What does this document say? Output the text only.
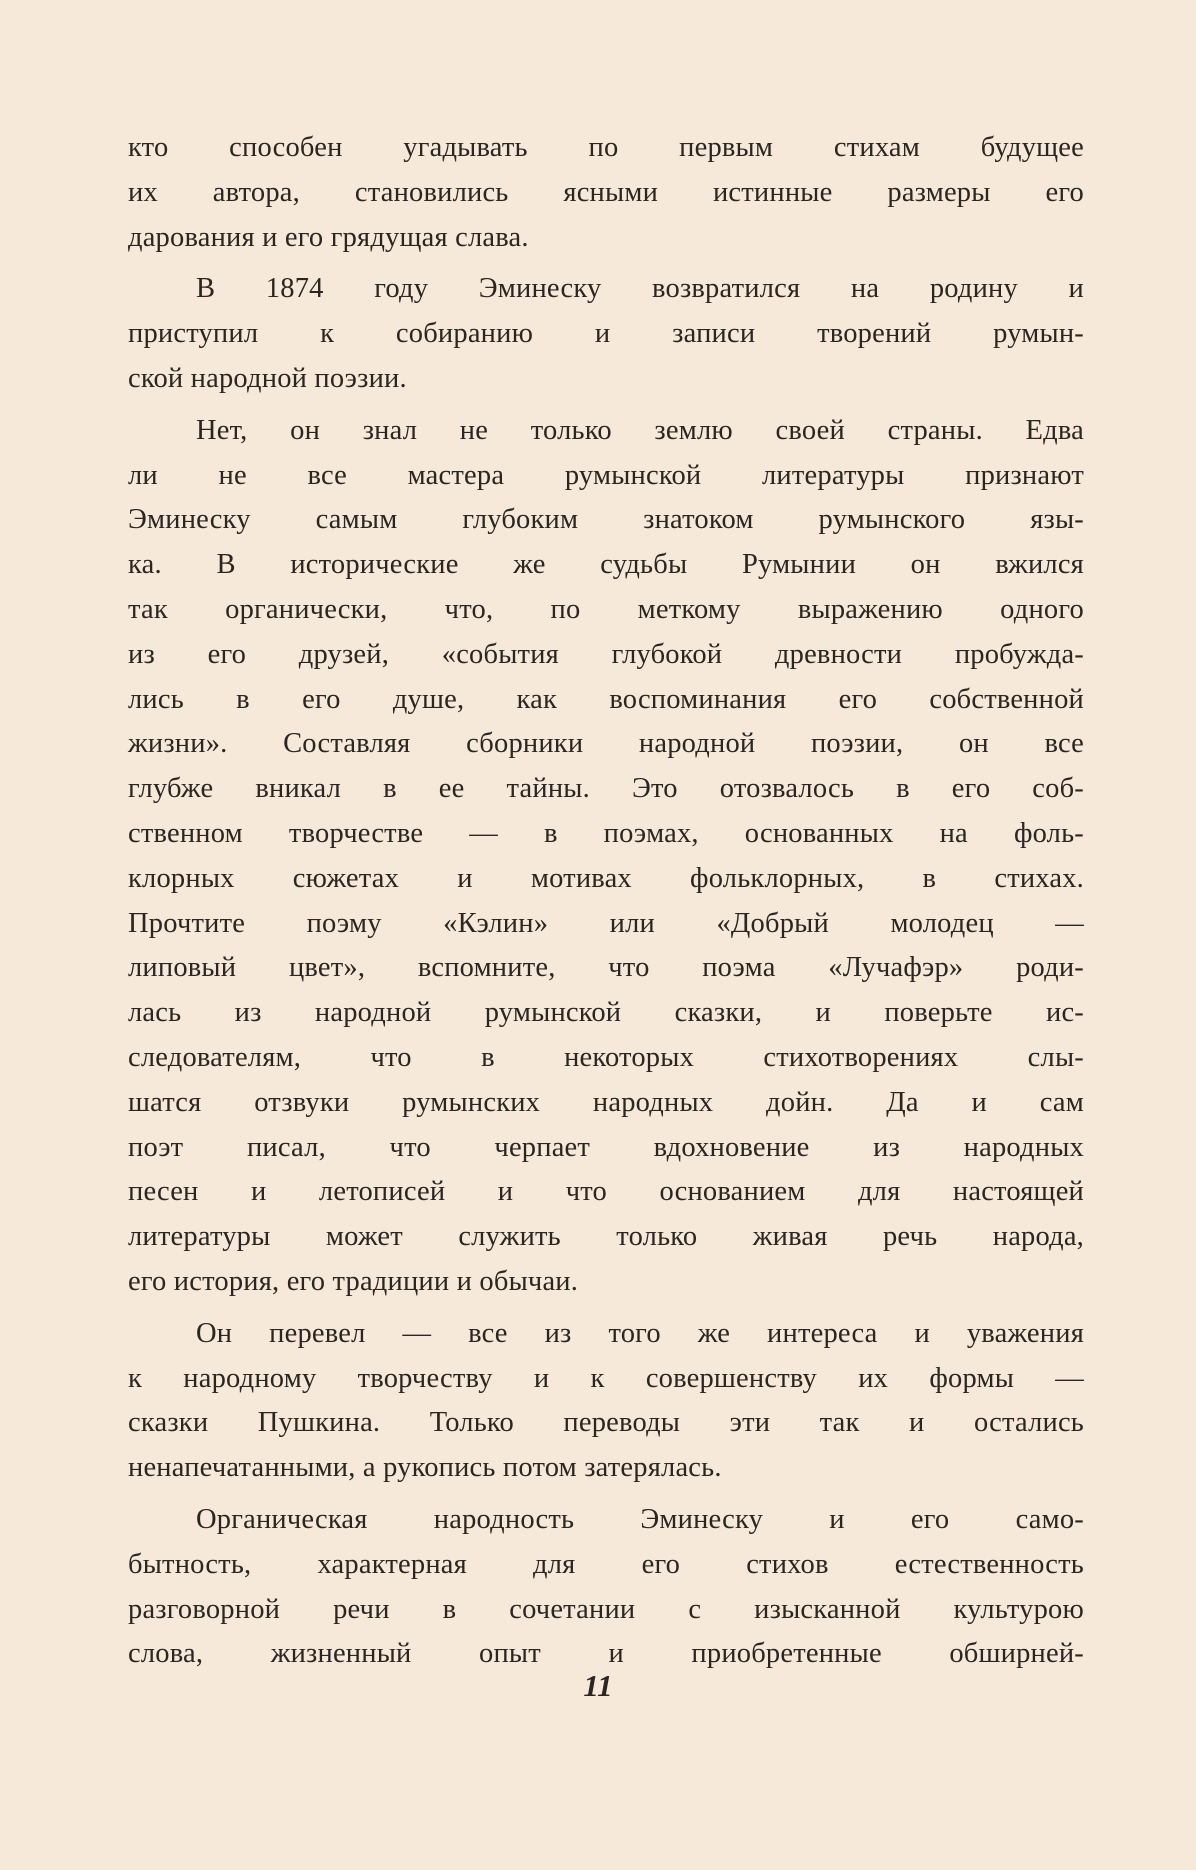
кто способен угадывать по первым стихам будущее
их автора, становились ясными истинные размеры его
дарования и его грядущая слава.
В 1874 году Эминеску возвратился на родину и
приступил к собиранию и записи творений румын-
ской народной поэзии.
Нет, он знал не только землю своей страны. Едва
ли не все мастера румынской литературы признают
Эминеску самым глубоким знатоком румынского язы-
ка. В исторические же судьбы Румынии он вжился
так органически, что, по меткому выражению одного
из его друзей, «события глубокой древности пробужда-
лись в его душе, как воспоминания его собственной
жизни». Составляя сборники народной поэзии, он все
глубже вникал в ее тайны. Это отозвалось в его соб-
ственном творчестве — в поэмах, основанных на фоль-
клорных сюжетах и мотивах фольклорных, в стихах.
Прочтите поэму «Кэлин» или «Добрый молодец —
липовый цвет», вспомните, что поэма «Лучафэр» роди-
лась из народной румынской сказки, и поверьте ис-
следователям, что в некоторых стихотворениях слы-
шатся отзвуки румынских народных дойн. Да и сам
поэт писал, что черпает вдохновение из народных
песен и летописей и что основанием для настоящей
литературы может служить только живая речь народа,
его история, его традиции и обычаи.
Он перевел — все из того же интереса и уважения
к народному творчеству и к совершенству их формы —
сказки Пушкина. Только переводы эти так и остались
ненапечатанными, а рукопись потом затерялась.
Органическая народность Эминеску и его само-
бытность, характерная для его стихов естественность
разговорной речи в сочетании с изысканной культурою
слова, жизненный опыт и приобретенные обширней-
11
